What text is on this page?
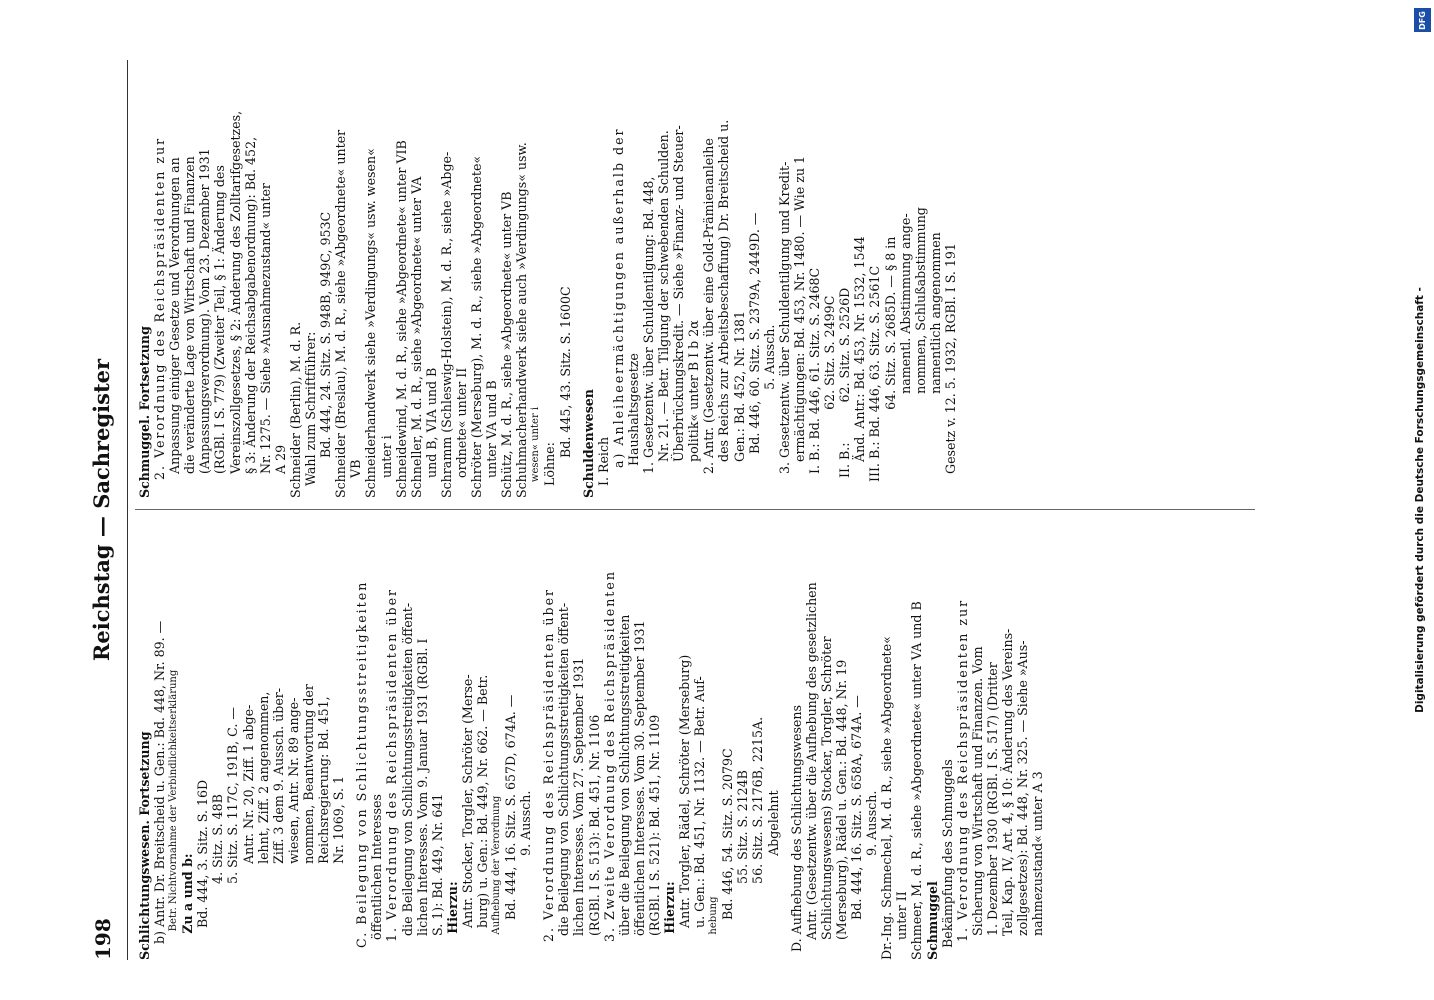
198
Reichstag — Sachregister
Schlichtungswesen. Fortsetzung b) Antr. Dr. Breitscheid u. Gen.: Bd. 448, Nr. 89. — Betr. Nichtvornahme der Verbindlichkeitserklärung Zu a und b: Bd. 444, 3. Sitz. S. 16D 4. Sitz. S. 48B 5. Sitz. S. 117C, 191B, C. — Antr. Nr. 20, Ziff. 1 abge- lehnt, Ziff. 2 angenommen, Ziff. 3 dem 9. Aussch. über- wiesen, Antr. Nr. 89 ange- nommen, Beantwortung der Reichsregierung: Bd. 451, Nr. 1069, S. 1 C. Beilegung von Schlichtungsstreitigkeiten öffentlichen Interesses 1. Verordnung des Reichspräsidenten über die Beilegung von Schlichtungsstreitigkeiten öffent- lichen Interesses. Vom 9. Januar 1931 (RGBl. I S. 1): Bd. 449, Nr. 641 Hierzu: Antr. Stocker, Torgler, Schröter (Merse- burg) u. Gen.: Bd. 449, Nr. 662. — Betr. Aufhebung der Verordnung Bd. 444, 16. Sitz. S. 657D, 674A. — 9. Aussch. 2. Verordnung des Reichspräsidenten über die Beilegung von Schlichtungsstreitigkeiten öffent- lichen Interesses. Vom 27. September 1931 (RGBl. I S. 513): Bd. 451, Nr. 1106 3. Zweite Verordnung des Reichspräsidenten über die Beilegung von Schlichtungsstreitigkeiten öffentlichen Interesses. Vom 30. September 1931 (RGBl. I S. 521): Bd. 451, Nr. 1109 Hierzu: Antr. Torgler, Rädel, Schröter (Merseburg) u. Gen.: Bd. 451, Nr. 1132. — Betr. Auf- hebung Bd. 446, 54. Sitz. S. 2079C 55. Sitz. S. 2124B 56. Sitz. S. 2176B, 2215A. Abgelehnt D. Aufhebung des Schlichtungswesens Antr. (Gesetzentw. über die Aufhebung des gesetzlichen Schlichtungswesens) Stocker, Torgler, Schröter (Merseburg), Rädel u. Gen.: Bd. 448, Nr. 19 Bd. 444, 16. Sitz. S. 658A, 674A. — 9. Aussch. Dr.-Ing. Schmechel, M. d. R., siehe »Abgeordnete« unter II Schmeer, M. d. R., siehe »Abgeordnete« unter VA und B Schmuggel Bekämpfung des Schmuggels 1. Verordnung des Reichspräsidenten zur Sicherung von Wirtschaft und Finanzen. Vom 1. Dezember 1930 (RGBl. I S. 517) (Dritter Teil, Kap. IV, Art. 4, § 10: Änderung des Vereins- zollgesetzes): Bd. 448, Nr. 325. — Siehe »Aus- nahmezustand« unter A 3
Schmuggel. Fortsetzung 2. Verordnung des Reichspräsidenten zur Anpassung einiger Gesetze und Verordnungen an die veränderte Lage von Wirtschaft und Finanzen (Anpassungsverordnung). Vom 23. Dezember 1931 (RGBl. I S. 779) (Zweiter Teil, § 1: Änderung des Vereinszollgesetzes, § 2: Änderung des Zolltarifgesetzes, § 3: Änderung der Reichsabgabenordnung): Bd. 452, Nr. 1275. — Siehe »Ausnahmezustand« unter A 29 Schneider (Berlin), M. d. R. Wahl zum Schriftführer: Bd. 444, 24. Sitz. S. 948B, 949C, 953C Schneider (Breslau), M. d. R., siehe »Abgeordnete« unter VB Schneiderhandwerk siehe »Verdingungs« usw. wesen« unter i Schneidewind, M. d. R., siehe »Abgeordnete« unter VIB Schneller, M. d. R., siehe »Abgeordnete« unter VA und B, VIA und B Schramm (Schleswig-Holstein), M. d. R., siehe »Abge- ordnete« unter II Schröter (Merseburg), M. d. R., siehe »Abgeordnete« unter VA und B Schütz, M. d. R., siehe »Abgeordnete« unter VB Schuhmacherhandwerk siehe auch »Verdingungs« usw. wesen« unter i Löhne: Bd. 445, 43. Sitz. S. 1600C Schuldenwesen I. Reich a) Anleiheermächtigungen außerhalb der Haushaltsgesetze 1. Gesetzentw. über Schuldentilgung: Bd. 448, Nr. 21. — Betr. Tilgung der schwebenden Schulden. Überbrückungskredit. — Siehe »Finanz- und Steuer- politik« unter B I b 2α 2. Antr. (Gesetzentw. über eine Gold-Prämienanleihe des Reichs zur Arbeitsbeschaffung) Dr. Breitscheid u. Gen.: Bd. 452, Nr. 1381 Bd. 446, 60. Sitz. S. 2379A, 2449D. — 5. Aussch. 3. Gesetzentw. über Schuldentilgung und Kredit- ermächtigungen: Bd. 453, Nr. 1480. — Wie zu 1 I. B.: Bd. 446, 61. Sitz. S. 2468C 62. Sitz. S. 2499C II. B.:          62. Sitz. S. 2526D Änd. Antr.: Bd. 453, Nr. 1532, 1544 III. B.: Bd. 446, 63. Sitz. S. 2561C 64. Sitz. S. 2685D. — § 8 in namentl. Abstimmung ange- nommen, Schlußabstimmung namentlich angenommen Gesetz v. 12. 5. 1932, RGBl. I S. 191	Digitalisierung gefördert durch die Deutsche Forschungsgemeinschaft -
DFG
